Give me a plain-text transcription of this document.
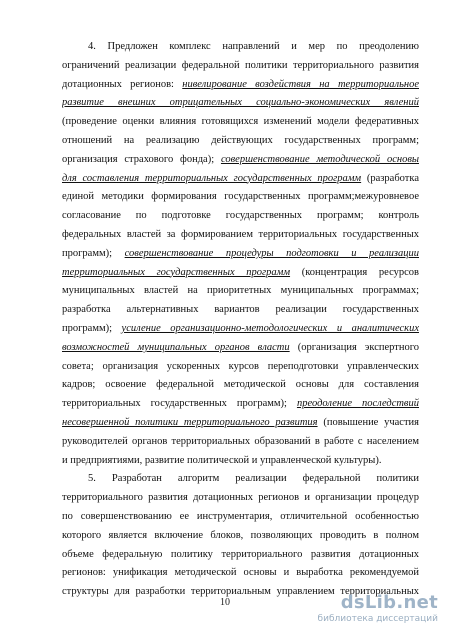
4. Предложен комплекс направлений и мер по преодолению
ограничений реализации федеральной политики территориального развития
дотационных регионов: нивелирование воздействия на территориальное
развитие внешних отрицательных социально-экономических явлений
(проведение оценки влияния готовящихся изменений модели федеративных
отношений на реализацию действующих государственных программ;
организация страхового фонда); совершенствование методической основы
для составления территориальных государственных программ (разработка
единой методики формирования государственных программ;межуровневое
согласование по подготовке государственных программ; контроль
федеральных властей за формированием территориальных государственных
программ); совершенствование процедуры подготовки и реализации
территориальных государственных программ (концентрация ресурсов
муниципальных властей на приоритетных муниципальных программах;
разработка альтернативных вариантов реализации государственных
программ); усиление организационно-методологических и аналитических
возможностей муниципальных органов власти (организация экспертного
совета; организация ускоренных курсов переподготовки управленческих
кадров; освоение федеральной методической основы для составления
территориальных государственных программ); преодоление последствий
несовершенной политики территориального развития (повышение участия
руководителей органов территориальных образований в работе с населением
и предприятиями, развитие политической и управленческой культуры).
5. Разработан алгоритм реализации федеральной политики
территориального развития дотационных регионов и организации процедур
по совершенствованию ее инструментария, отличительной особенностью
которого является включение блоков, позволяющих проводить в полном
объеме федеральную политику территориального развития дотационных
регионов: унификация методической основы и выработка рекомендуемой
структуры для разработки территориальным управлением территориальных
10	dsLib.net
библиотека диссертаций
